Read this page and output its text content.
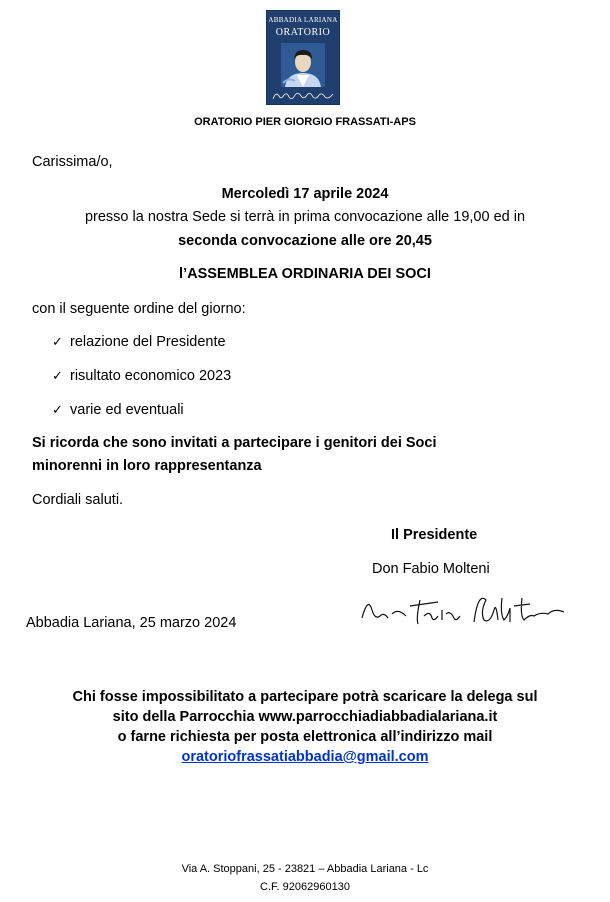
ABBADIA LARIANA
ORATORIO
ORATORIO PIER GIORGIO FRASSATI-APS
Carissima/o,
Mercoledì 17 aprile 2024
presso la nostra Sede si terrà in prima convocazione alle 19,00 ed in
seconda convocazione alle ore 20,45
l’ASSEMBLEA ORDINARIA DEI SOCI
con il seguente ordine del giorno:
✓ relazione del Presidente
✓ risultato economico 2023
✓ varie ed eventuali
Si ricorda che sono invitati a partecipare i genitori dei Soci
minorenni in loro rappresentanza
Cordiali saluti.
Il Presidente
Don Fabio Molteni
Abbadia Lariana, 25 marzo 2024
Chi fosse impossibilitato a partecipare potrà scaricare la delega sul
sito della Parrocchia www.parrocchiadiabbadialariana.it
o farne richiesta per posta elettronica all’indirizzo mail
oratoriofrassatiabbadia@gmail.com
Via A. Stoppani, 25 - 23821 – Abbadia Lariana - Lc
C.F. 92062960130
